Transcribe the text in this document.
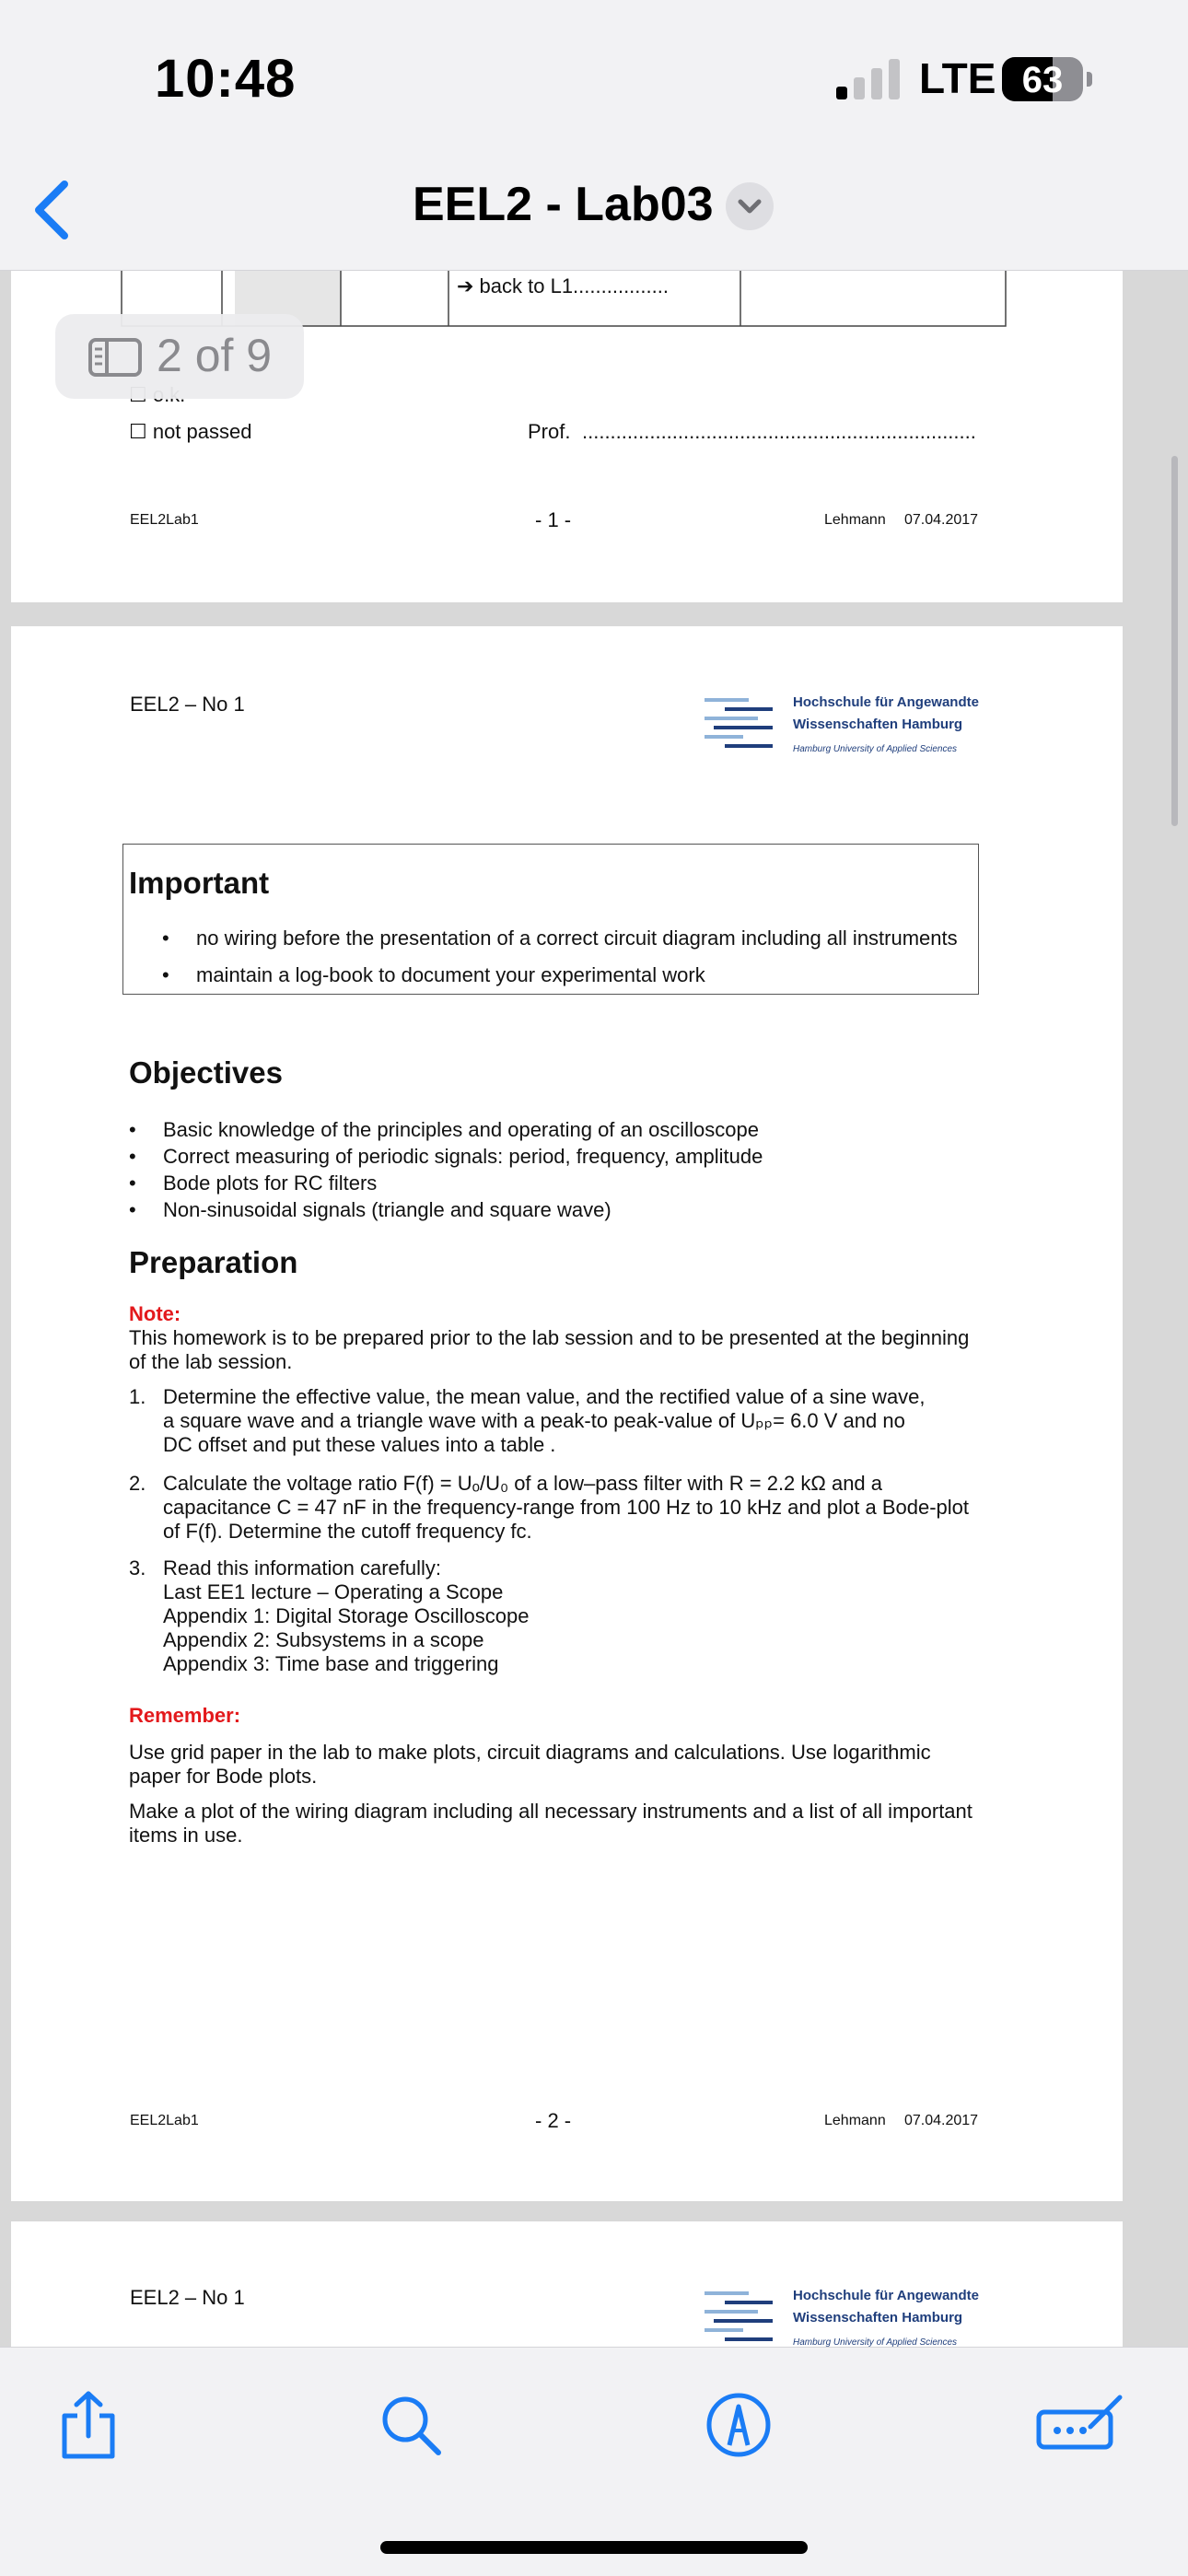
10:48	LTE 63
EEL2 - Lab03
➔ back to L1.................
☐ not passed	Prof. ......................................................................
EEL2Lab1	- 1 -	Lehmann 07.04.2017
EEL2 – No 1	Hochschule für Angewandte
Wissenschaften Hamburg
Hamburg University of Applied Sciences
Important
• no wiring before the presentation of a correct circuit diagram including all instruments
• maintain a log-book to document your experimental work
Objectives
• Basic knowledge of the principles and operating of an oscilloscope
• Correct measuring of periodic signals: period, frequency, amplitude
• Bode plots for RC filters
• Non-sinusoidal signals (triangle and square wave)
Preparation
Note:
This homework is to be prepared prior to the lab session and to be presented at the beginning
of the lab session.
1. Determine the effective value, the mean value, and the rectified value of a sine wave,
a square wave and a triangle wave with a peak-to peak-value of Uₚₚ= 6.0 V and no
DC offset and put these values into a table .
2. Calculate the voltage ratio F(f) = Uₒ/U₀ of a low–pass filter with R = 2.2 kΩ and a
capacitance C = 47 nF in the frequency-range from 100 Hz to 10 kHz and plot a Bode-plot
of F(f). Determine the cutoff frequency fᴄ.
3. Read this information carefully:
Last EE1 lecture – Operating a Scope
Appendix 1: Digital Storage Oscilloscope
Appendix 2: Subsystems in a scope
Appendix 3: Time base and triggering
Remember:
Use grid paper in the lab to make plots, circuit diagrams and calculations. Use logarithmic
paper for Bode plots.
Make a plot of the wiring diagram including all necessary instruments and a list of all important
items in use.
EEL2Lab1	- 2 -	Lehmann 07.04.2017
EEL2 – No 1	Hochschule für Angewandte
Wissenschaften Hamburg
Hamburg University of Applied Sciences
2 of 9
